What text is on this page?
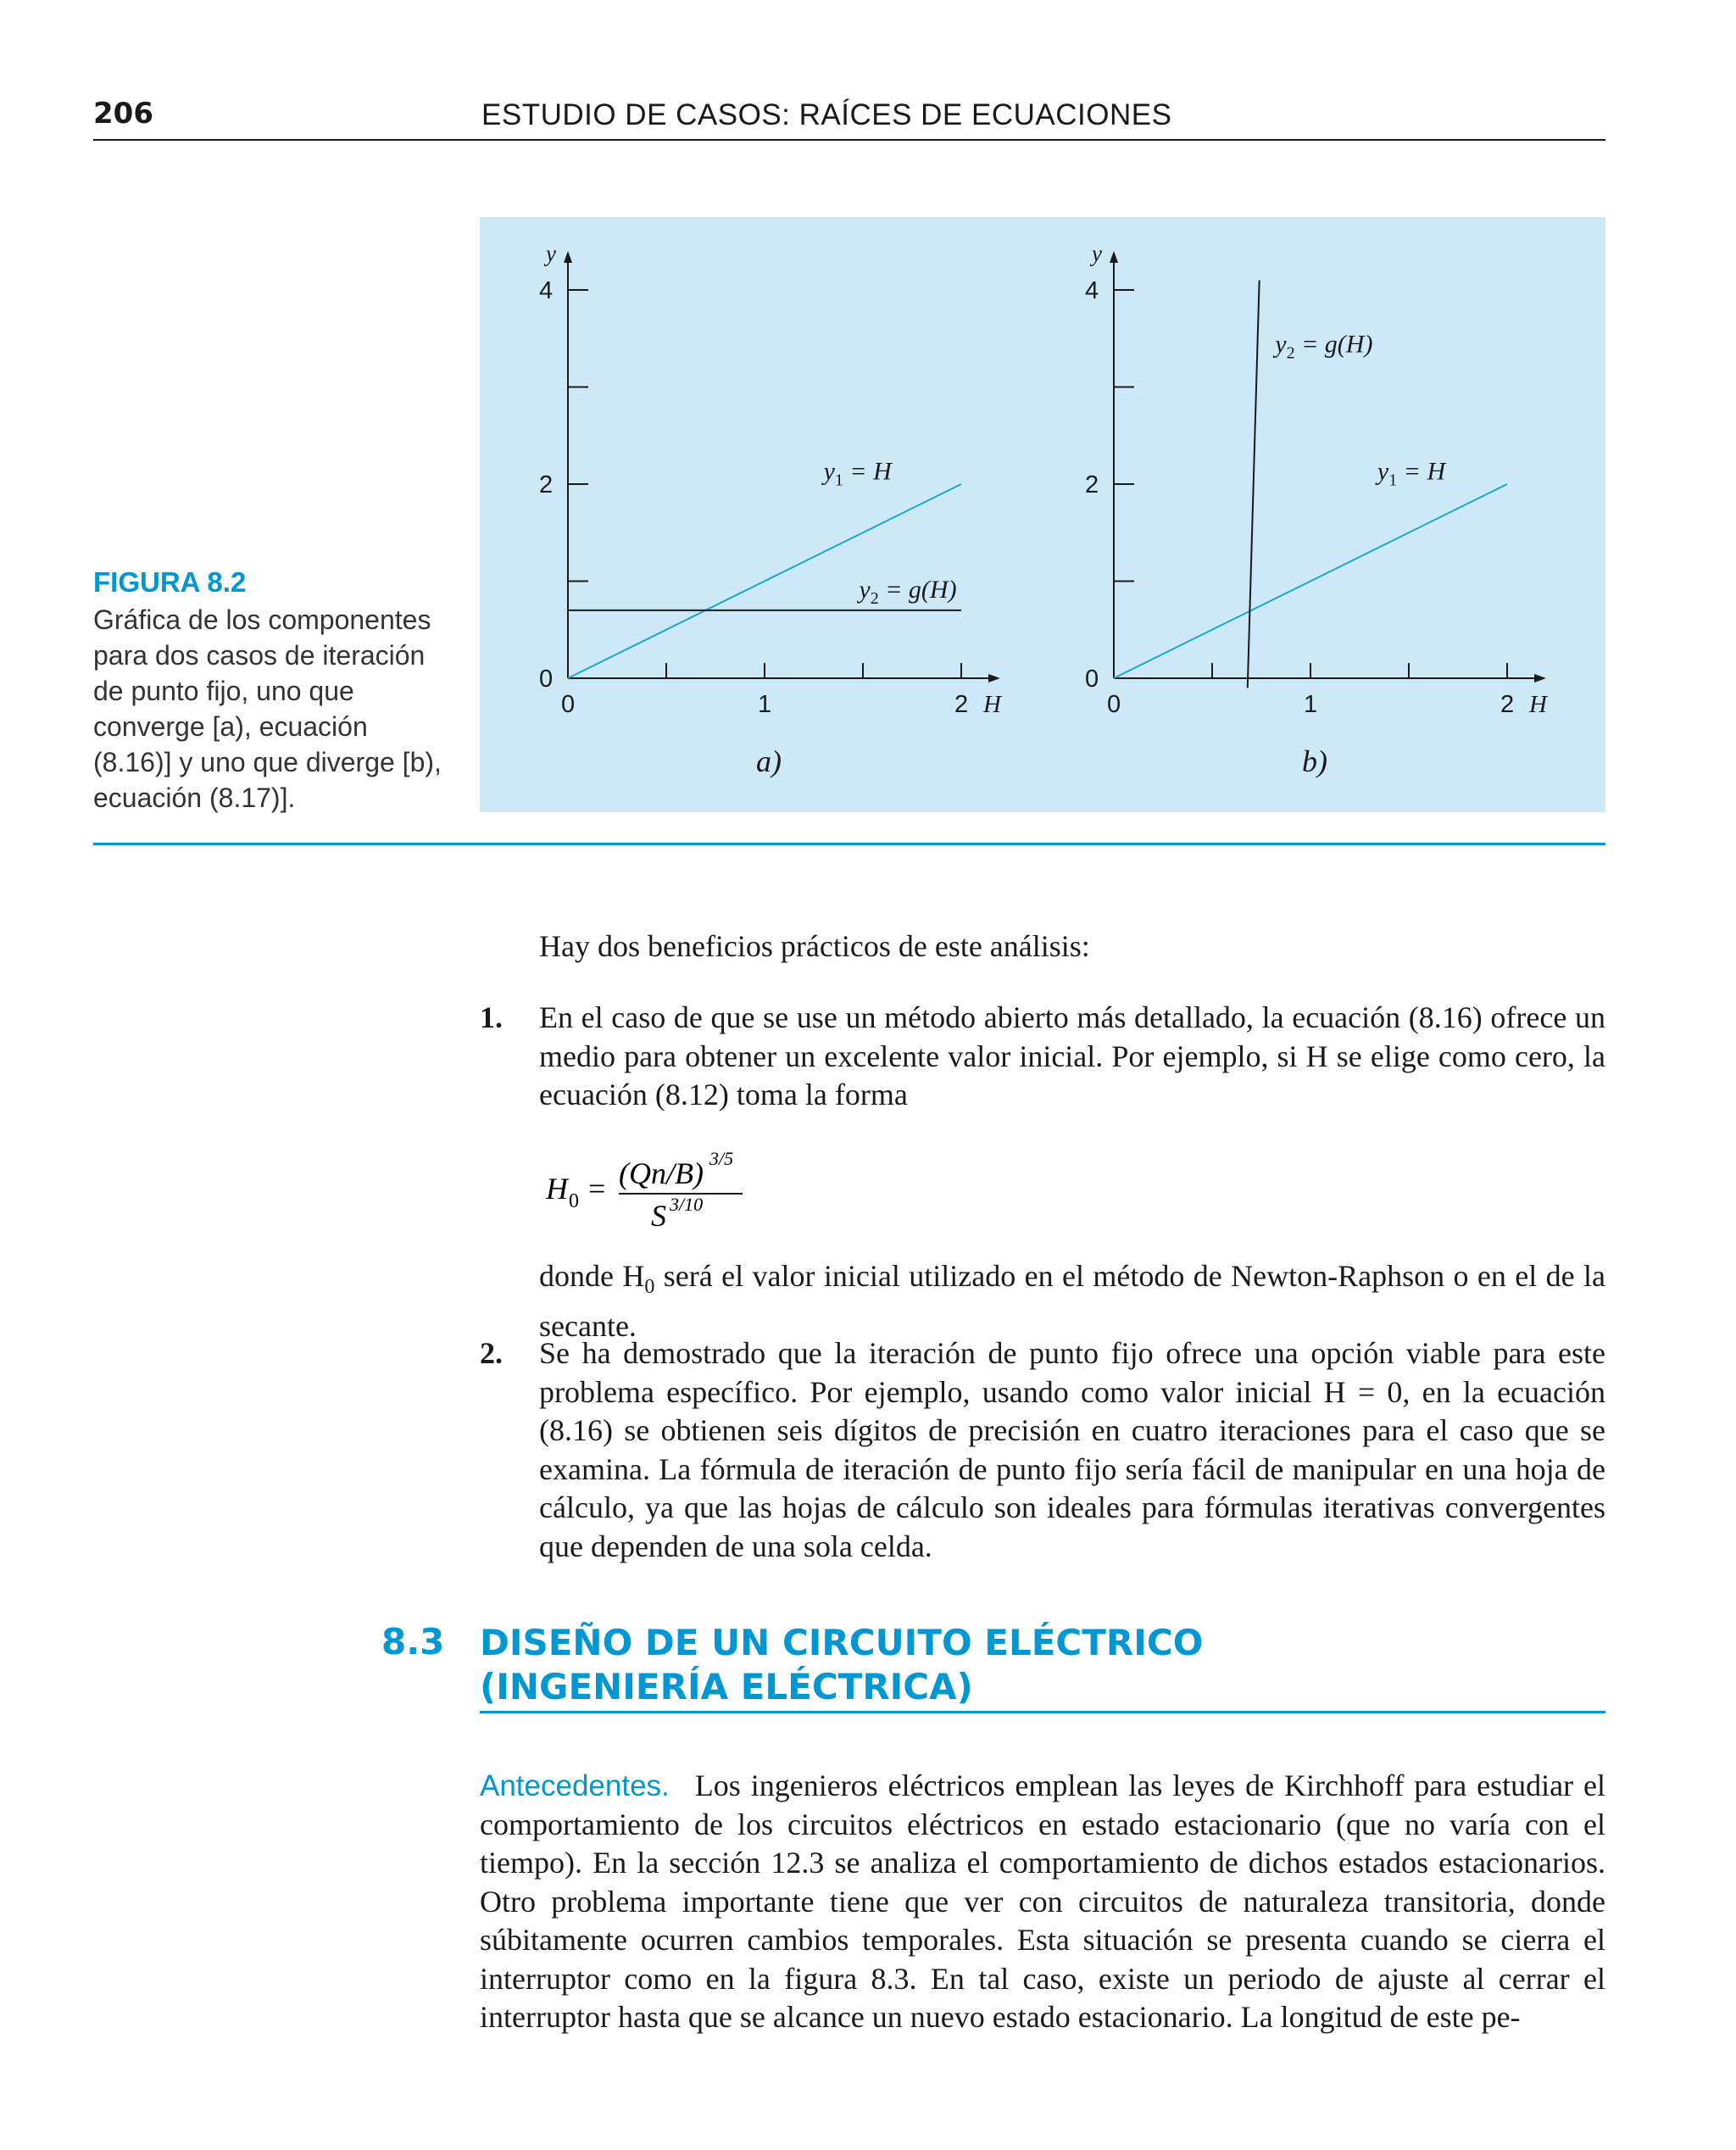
206	ESTUDIO DE CASOS: RAÍCES DE ECUACIONES
FIGURA 8.2
Gráfica de los componentes para dos casos de iteración de punto fijo, uno que converge [a), ecuación (8.16)] y uno que diverge [b), ecuación (8.17)].
0	1	2
0
2
4
H
y
$y_1 = H$
$y_2 = g(H)$
a)
0	1	2
0
2
4
H
y
$y_1 = H$
$y_2 = g(H)$
b)
Hay dos beneficios prácticos de este análisis:
1. En el caso de que se use un método abierto más detallado, la ecuación (8.16) ofrece un medio para obtener un excelente valor inicial. Por ejemplo, si H se elige como cero, la ecuación (8.12) toma la forma
H 0 = (Qn/B) 3/5
S 3/10
donde $H_0$ será el valor inicial utilizado en el método de Newton-Raphson o en el de la secante.
2. Se ha demostrado que la iteración de punto fijo ofrece una opción viable para este problema específico. Por ejemplo, usando como valor inicial H = 0, en la ecuación (8.16) se obtienen seis dígitos de precisión en cuatro iteraciones para el caso que se examina. La fórmula de iteración de punto fijo sería fácil de manipular en una hoja de cálculo, ya que las hojas de cálculo son ideales para fórmulas iterativas convergentes que dependen de una sola celda.
8.3 DISEÑO DE UN CIRCUITO ELÉCTRICO
(INGENIERÍA ELÉCTRICA)
Antecedentes. Los ingenieros eléctricos emplean las leyes de Kirchhoff para estudiar el comportamiento de los circuitos eléctricos en estado estacionario (que no varía con el tiempo). En la sección 12.3 se analiza el comportamiento de dichos estados estacionarios. Otro problema importante tiene que ver con circuitos de naturaleza transitoria, donde súbitamente ocurren cambios temporales. Esta situación se presenta cuando se cierra el interruptor como en la figura 8.3. En tal caso, existe un periodo de ajuste al cerrar el interruptor hasta que se alcance un nuevo estado estacionario. La longitud de este pe-
